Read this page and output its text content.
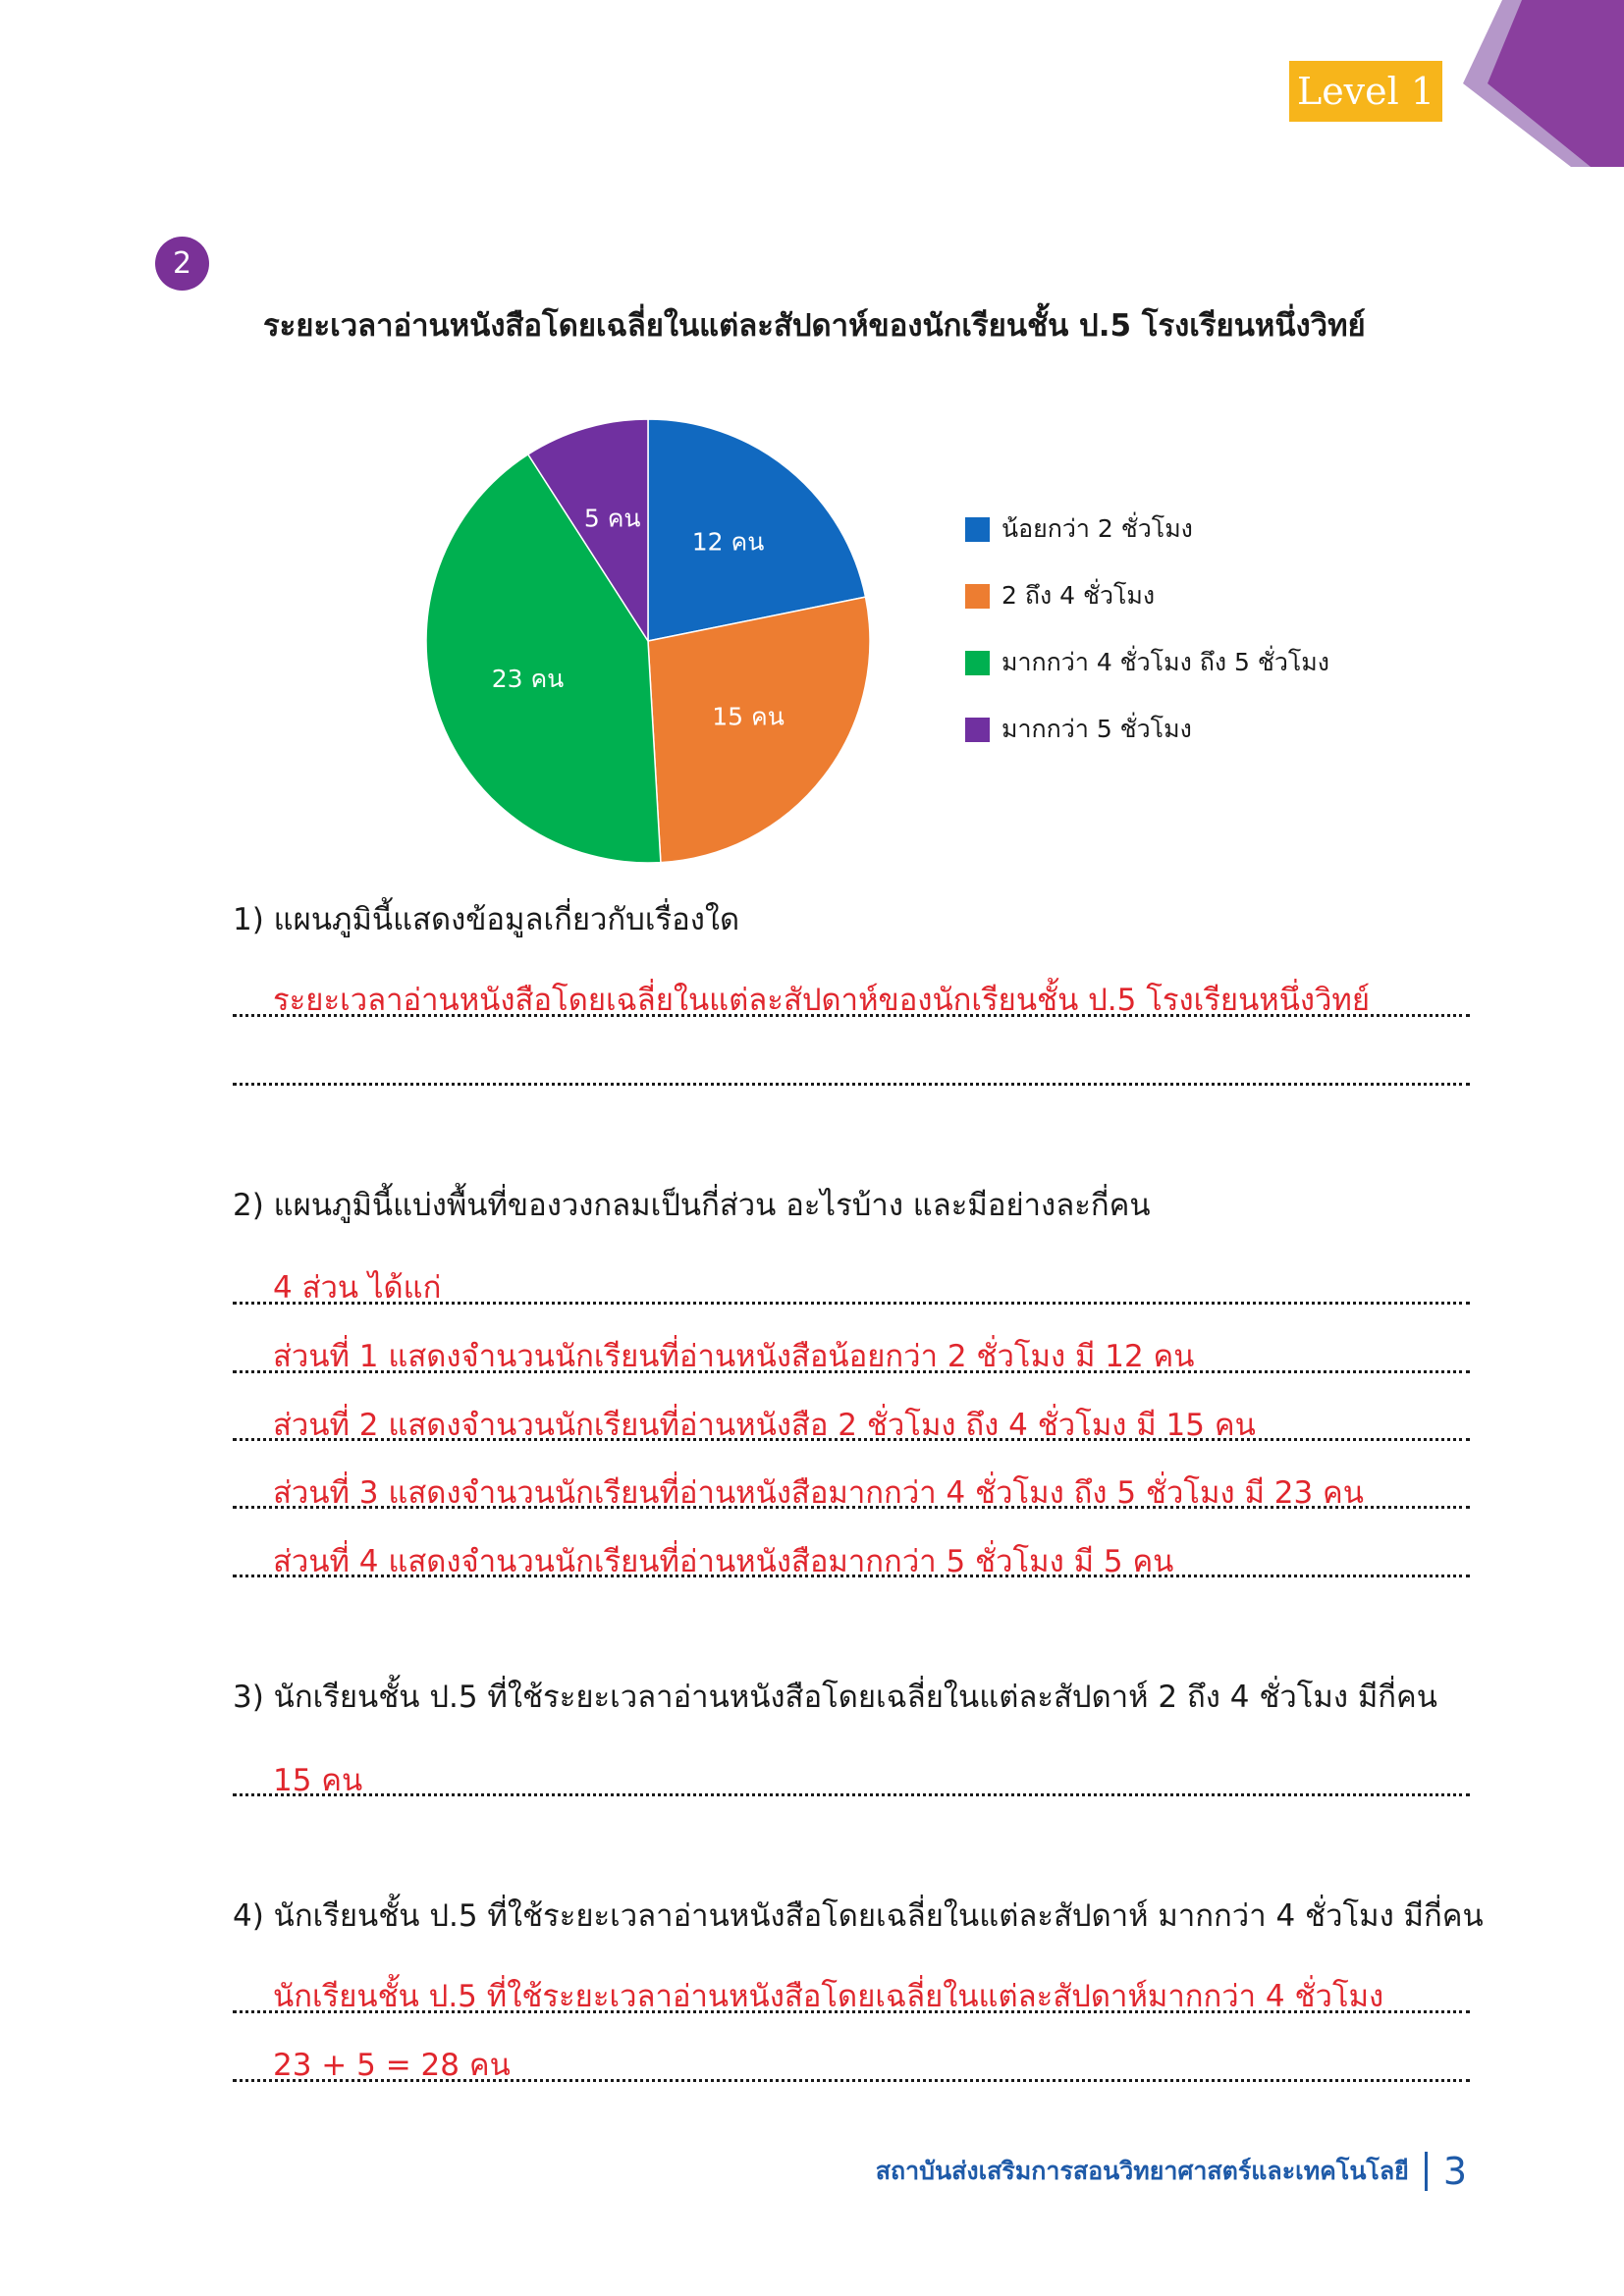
Level 1
2
ระยะเวลาอ่านหนังสือโดยเฉลี่ยในแต่ละสัปดาห์ของนักเรียนชั้น ป.5 โรงเรียนหนึ่งวิทย์
12 คน
15 คน
23 คน
5 คน	น้อยกว่า 2 ชั่วโมง
2 ถึง 4 ชั่วโมง
มากกว่า 4 ชั่วโมง ถึง 5 ชั่วโมง
มากกว่า 5 ชั่วโมง
1) แผนภูมินี้แสดงข้อมูลเกี่ยวกับเรื่องใด
ระยะเวลาอ่านหนังสือโดยเฉลี่ยในแต่ละสัปดาห์ของนักเรียนชั้น ป.5 โรงเรียนหนึ่งวิทย์
2) แผนภูมินี้แบ่งพื้นที่ของวงกลมเป็นกี่ส่วน อะไรบ้าง และมีอย่างละกี่คน
4 ส่วน ได้แก่
ส่วนที่ 1 แสดงจำนวนนักเรียนที่อ่านหนังสือน้อยกว่า 2 ชั่วโมง มี 12 คน
ส่วนที่ 2 แสดงจำนวนนักเรียนที่อ่านหนังสือ 2 ชั่วโมง ถึง 4 ชั่วโมง มี 15 คน
ส่วนที่ 3 แสดงจำนวนนักเรียนที่อ่านหนังสือมากกว่า 4 ชั่วโมง ถึง 5 ชั่วโมง มี 23 คน
ส่วนที่ 4 แสดงจำนวนนักเรียนที่อ่านหนังสือมากกว่า 5 ชั่วโมง มี 5 คน
3) นักเรียนชั้น ป.5 ที่ใช้ระยะเวลาอ่านหนังสือโดยเฉลี่ยในแต่ละสัปดาห์ 2 ถึง 4 ชั่วโมง มีกี่คน
15 คน
4) นักเรียนชั้น ป.5 ที่ใช้ระยะเวลาอ่านหนังสือโดยเฉลี่ยในแต่ละสัปดาห์ มากกว่า 4 ชั่วโมง มีกี่คน
นักเรียนชั้น ป.5 ที่ใช้ระยะเวลาอ่านหนังสือโดยเฉลี่ยในแต่ละสัปดาห์มากกว่า 4 ชั่วโมง
23 + 5 = 28 คน
สถาบันส่งเสริมการสอนวิทยาศาสตร์และเทคโนโลยี 3
